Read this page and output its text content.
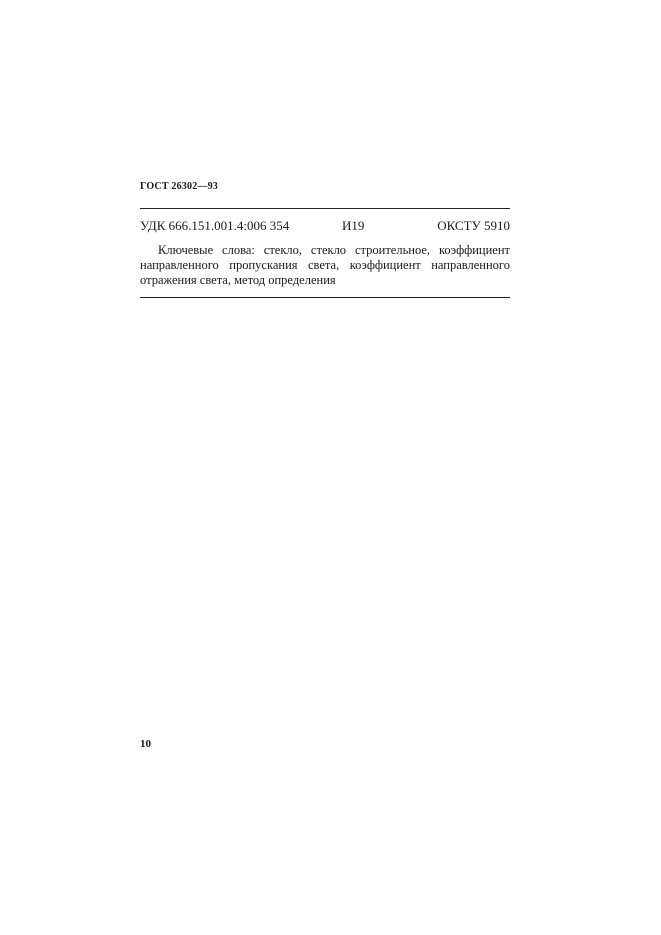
ГОСТ 26302—93
УДК 666.151.001.4:006 354	И19	ОКСТУ 5910

Ключевые слова: стекло, стекло строительное, коэффициент направленного пропускания света, коэффициент направленного отражения света, метод определения

10
